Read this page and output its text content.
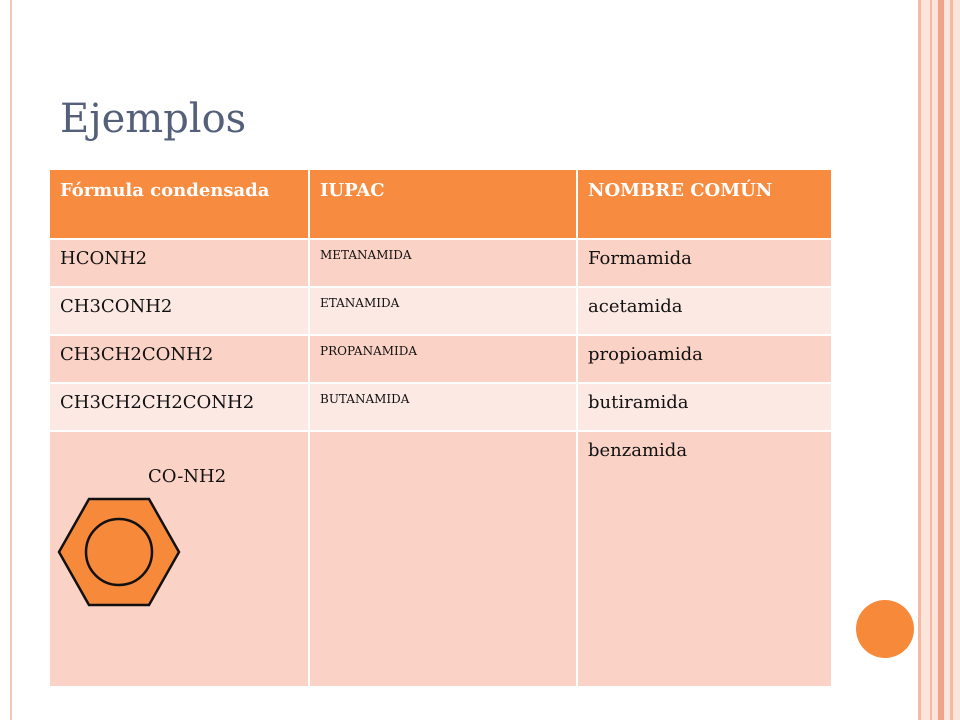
Ejemplos
Fórmula condensada	IUPAC	NOMBRE COMÚN
HCONH2	METANAMIDA	Formamida
CH3CONH2	ETANAMIDA	acetamida
CH3CH2CONH2	PROPANAMIDA	propioamida
CH3CH2CH2CONH2	BUTANAMIDA	butiramida

CO-NH2		benzamida
